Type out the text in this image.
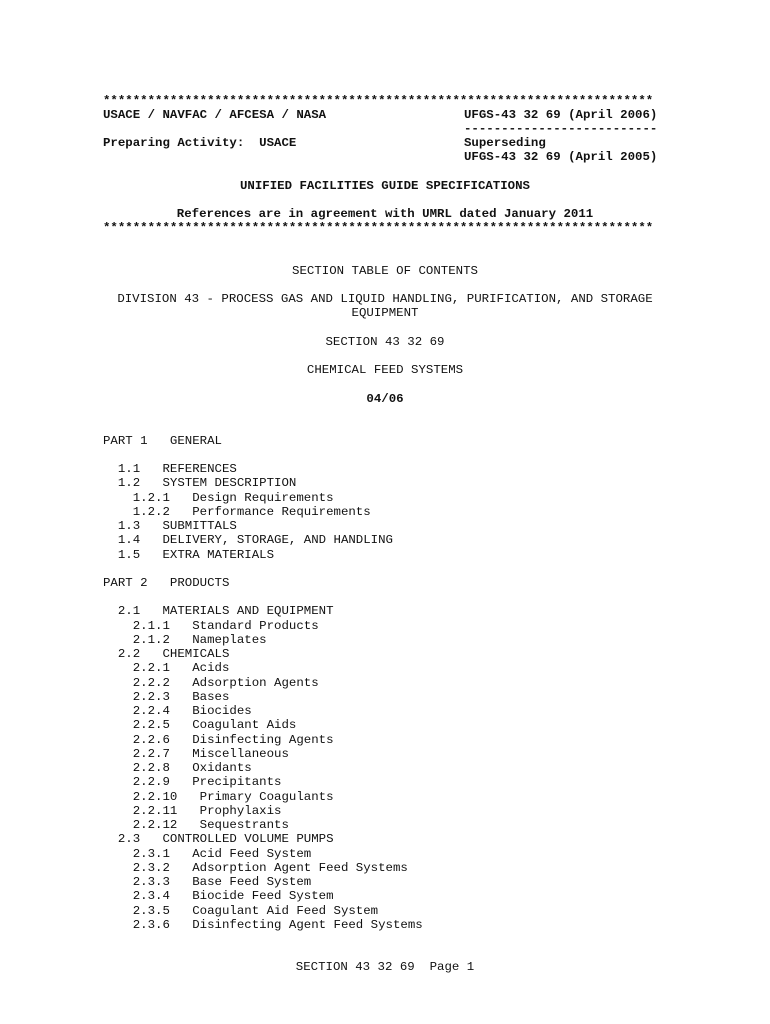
**************************************************************************
USACE / NAVFAC / AFCESA / NASA	UFGS-43 32 69 (April 2006)
--------------------------
Preparing Activity:  USACE	Superseding
UFGS-43 32 69 (April 2005)
UNIFIED FACILITIES GUIDE SPECIFICATIONS
References are in agreement with UMRL dated January 2011
**************************************************************************
SECTION TABLE OF CONTENTS
DIVISION 43 - PROCESS GAS AND LIQUID HANDLING, PURIFICATION, AND STORAGE
EQUIPMENT
SECTION 43 32 69
CHEMICAL FEED SYSTEMS
04/06
PART 1   GENERAL
1.1   REFERENCES
1.2   SYSTEM DESCRIPTION
1.2.1   Design Requirements
1.2.2   Performance Requirements
1.3   SUBMITTALS
1.4   DELIVERY, STORAGE, AND HANDLING
1.5   EXTRA MATERIALS
PART 2   PRODUCTS
2.1   MATERIALS AND EQUIPMENT
2.1.1   Standard Products
2.1.2   Nameplates
2.2   CHEMICALS
2.2.1   Acids
2.2.2   Adsorption Agents
2.2.3   Bases
2.2.4   Biocides
2.2.5   Coagulant Aids
2.2.6   Disinfecting Agents
2.2.7   Miscellaneous
2.2.8   Oxidants
2.2.9   Precipitants
2.2.10   Primary Coagulants
2.2.11   Prophylaxis
2.2.12   Sequestrants
2.3   CONTROLLED VOLUME PUMPS
2.3.1   Acid Feed System
2.3.2   Adsorption Agent Feed Systems
2.3.3   Base Feed System
2.3.4   Biocide Feed System
2.3.5   Coagulant Aid Feed System
2.3.6   Disinfecting Agent Feed Systems
SECTION 43 32 69  Page 1
